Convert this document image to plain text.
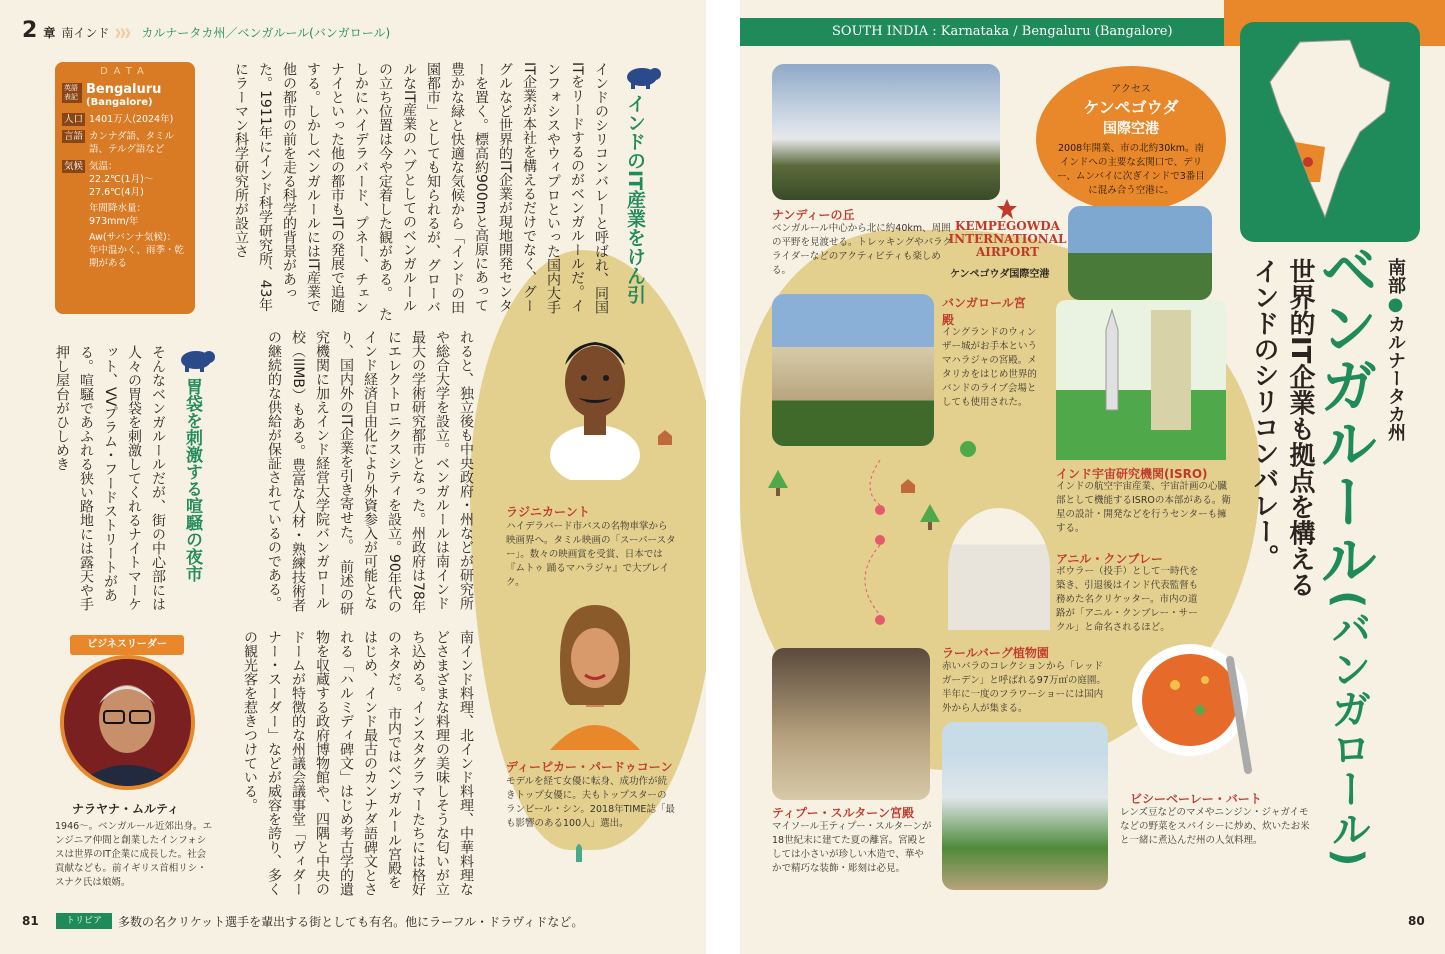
2 章 南インド 》》》 カルナータカ州／ベンガルール(バンガロール)
DATA
英語表記 Bengaluru
(Bangalore)
人口 1401万人(2024年)
言語 カンナダ語、タミル語、テルグ語など
気候 気温：
22.2℃(1月)〜27.6℃(4月)
年間降水量：
973mm/年
Aw(サバンナ気候)：
年中温かく、雨季・乾期がある	インドのIT産業をけん引
インドのシリコンバレーと呼ばれ、同国ITをリードするのがベンガルールだ。インフォシスやウィプロといった国内大手IT企業が本社を構えるだけでなく、グーグルなど世界的IT企業が現地開発センターを置く。標高約900mと高原にあって豊かな緑と快適な気候から「インドの田園都市」としても知られるが、グローバルなIT産業のハブとしてのベンガルールの立ち位置は今や定着した観がある。　たしかにハイデラバード、プネー、チェンナイといった他の都市もITの発展で追随する。しかしベンガルールにはIT産業で他の都市の前を走る科学的背景があった。1911年にインド科学研究所、43年にラーマン科学研究所が設立さ
れると、独立後も中央政府・州などが研究所や総合大学を設立。ベンガルールは南インド最大の学術研究都市となった。州政府は78年にエレクトロニクスシティを設立。90年代のインド経済自由化により外資参入が可能となり、国内外のIT企業を引き寄せた。　前述の研究機関に加えインド経営大学院バンガロール校（IIMB）もある。豊富な人材・熟練技術者の継続的な供給が保証されているのである。
胃袋を刺激する喧騒の夜市
そんなベンガルールだが、街の中心部には人々の胃袋を刺激してくれるナイトマーケット、VVプラム・フードストリートがある。喧騒であふれる狭い路地には露天や手押し屋台がひしめき
南インド料理、北インド料理、中華料理などさまざまな料理の美味しそうな匂いが立ち込める。インスタグラマーたちには格好のネタだ。　市内ではベンガルール宮殿をはじめ、インド最古のカンナダ語碑文とされる「ハルミディ碑文」はじめ考古学的遺物を収蔵する政府博物館や、四隅と中央のドームが特徴的な州議会議事堂「ヴィダーナー・スーダー」などが威容を誇り、多くの観光客を惹きつけている。
ラジニカーント
ハイデラバード市バスの名物車掌から映画界へ。タミル映画の「スーパースター」。数々の映画賞を受賞、日本では『ムトゥ 踊るマハラジャ』で大ブレイク。
ディーピカー・パードゥコーン
モデルを経て女優に転身、成功作が続きトップ女優に。夫もトップスターのランビール・シン。2018年TIME誌「最も影響のある100人」選出。
ビジネスリーダー
ナラヤナ・ムルティ
1946〜。ベンガルール近郊出身。エンジニア仲間と創業したインフォシスは世界のIT企業に成長した。社会貢献なども。前イギリス首相リシ・スナク氏は娘婿。
81	トリビア	多数の名クリケット選手を輩出する街としても有名。他にラーフル・ドラヴィドなど。
SOUTH INDIA : Karnataka / Bengaluru (Bangalore)
南部●カルナータカ州
ベンガルール
(バンガロール)
世界的IT企業も拠点を構える
インドのシリコンバレー。
ナンディーの丘
ベンガルール中心から北に約40km、周囲の平野を見渡せる。トレッキングやパラグライダーなどのアクティビティも楽しめる。
アクセス
ケンペゴウダ
国際空港
2008年開業、市の北約30km。南インドへの主要な玄関口で、デリー、ムンバイに次ぎインドで3番目に混み合う空港に。
KEMPEGOWDA
INTERNATIONAL
AIRPORT
ケンペゴウダ国際空港
バンガロール宮殿
イングランドのウィンザー城がお手本というマハラジャの宮殿。メタリカをはじめ世界的バンドのライブ会場としても使用された。
インド宇宙研究機関(ISRO)
インドの航空宇宙産業、宇宙計画の心臓部として機能するISROの本部がある。衛星の設計・開発などを行うセンターも擁する。
アニル・クンブレー
ボウラー（投手）として一時代を築き、引退後はインド代表監督も務めた名クリケッター。市内の道路が「アニル・クンブレー・サークル」と命名されるほど。
ラールバーグ植物園
赤いバラのコレクションから「レッドガーデン」と呼ばれる97万㎡の庭園。半年に一度のフラワーショーには国内外から人が集まる。
ティプー・スルターン宮殿
マイソール王ティプー・スルターンが18世紀末に建てた夏の離宮。宮殿としては小さいが珍しい木造で、華やかで精巧な装飾・彫刻は必見。
ビシーベーレー・バート
レンズ豆などのマメやニンジン・ジャガイモなどの野菜をスパイシーに炒め、炊いたお米と一緒に煮込んだ州の人気料理。
80
